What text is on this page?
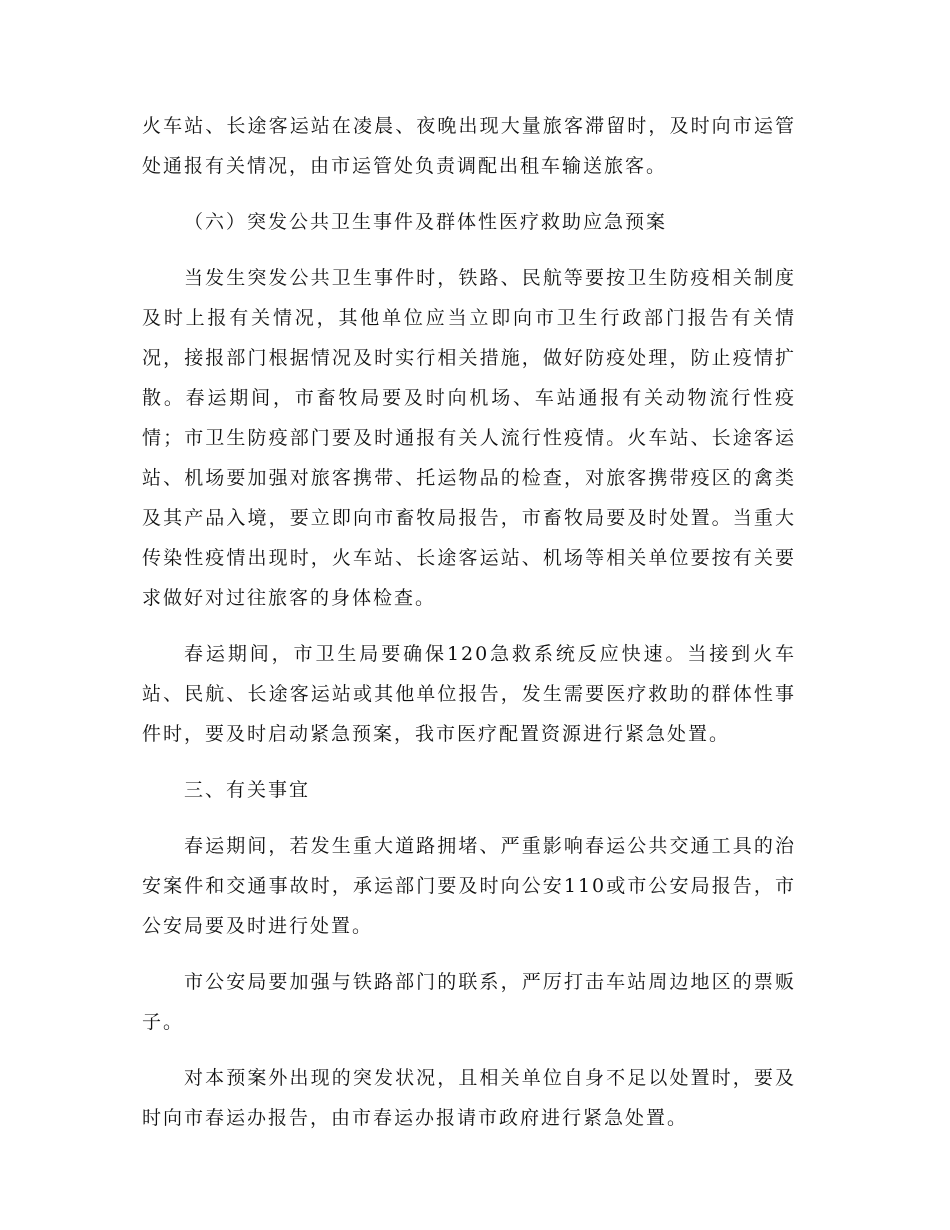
火车站、长途客运站在凌晨、夜晚出现大量旅客滞留时，及时向市运管处通报有关情况，由市运管处负责调配出租车输送旅客。

（六）突发公共卫生事件及群体性医疗救助应急预案

当发生突发公共卫生事件时，铁路、民航等要按卫生防疫相关制度及时上报有关情况，其他单位应当立即向市卫生行政部门报告有关情况，接报部门根据情况及时实行相关措施，做好防疫处理，防止疫情扩散。春运期间，市畜牧局要及时向机场、车站通报有关动物流行性疫情；市卫生防疫部门要及时通报有关人流行性疫情。火车站、长途客运站、机场要加强对旅客携带、托运物品的检查，对旅客携带疫区的禽类及其产品入境，要立即向市畜牧局报告，市畜牧局要及时处置。当重大传染性疫情出现时，火车站、长途客运站、机场等相关单位要按有关要求做好对过往旅客的身体检查。

春运期间，市卫生局要确保120急救系统反应快速。当接到火车站、民航、长途客运站或其他单位报告，发生需要医疗救助的群体性事件时，要及时启动紧急预案，我市医疗配置资源进行紧急处置。

三、有关事宜

春运期间，若发生重大道路拥堵、严重影响春运公共交通工具的治安案件和交通事故时，承运部门要及时向公安110或市公安局报告，市公安局要及时进行处置。

市公安局要加强与铁路部门的联系，严厉打击车站周边地区的票贩子。

对本预案外出现的突发状况，且相关单位自身不足以处置时，要及时向市春运办报告，由市春运办报请市政府进行紧急处置。
